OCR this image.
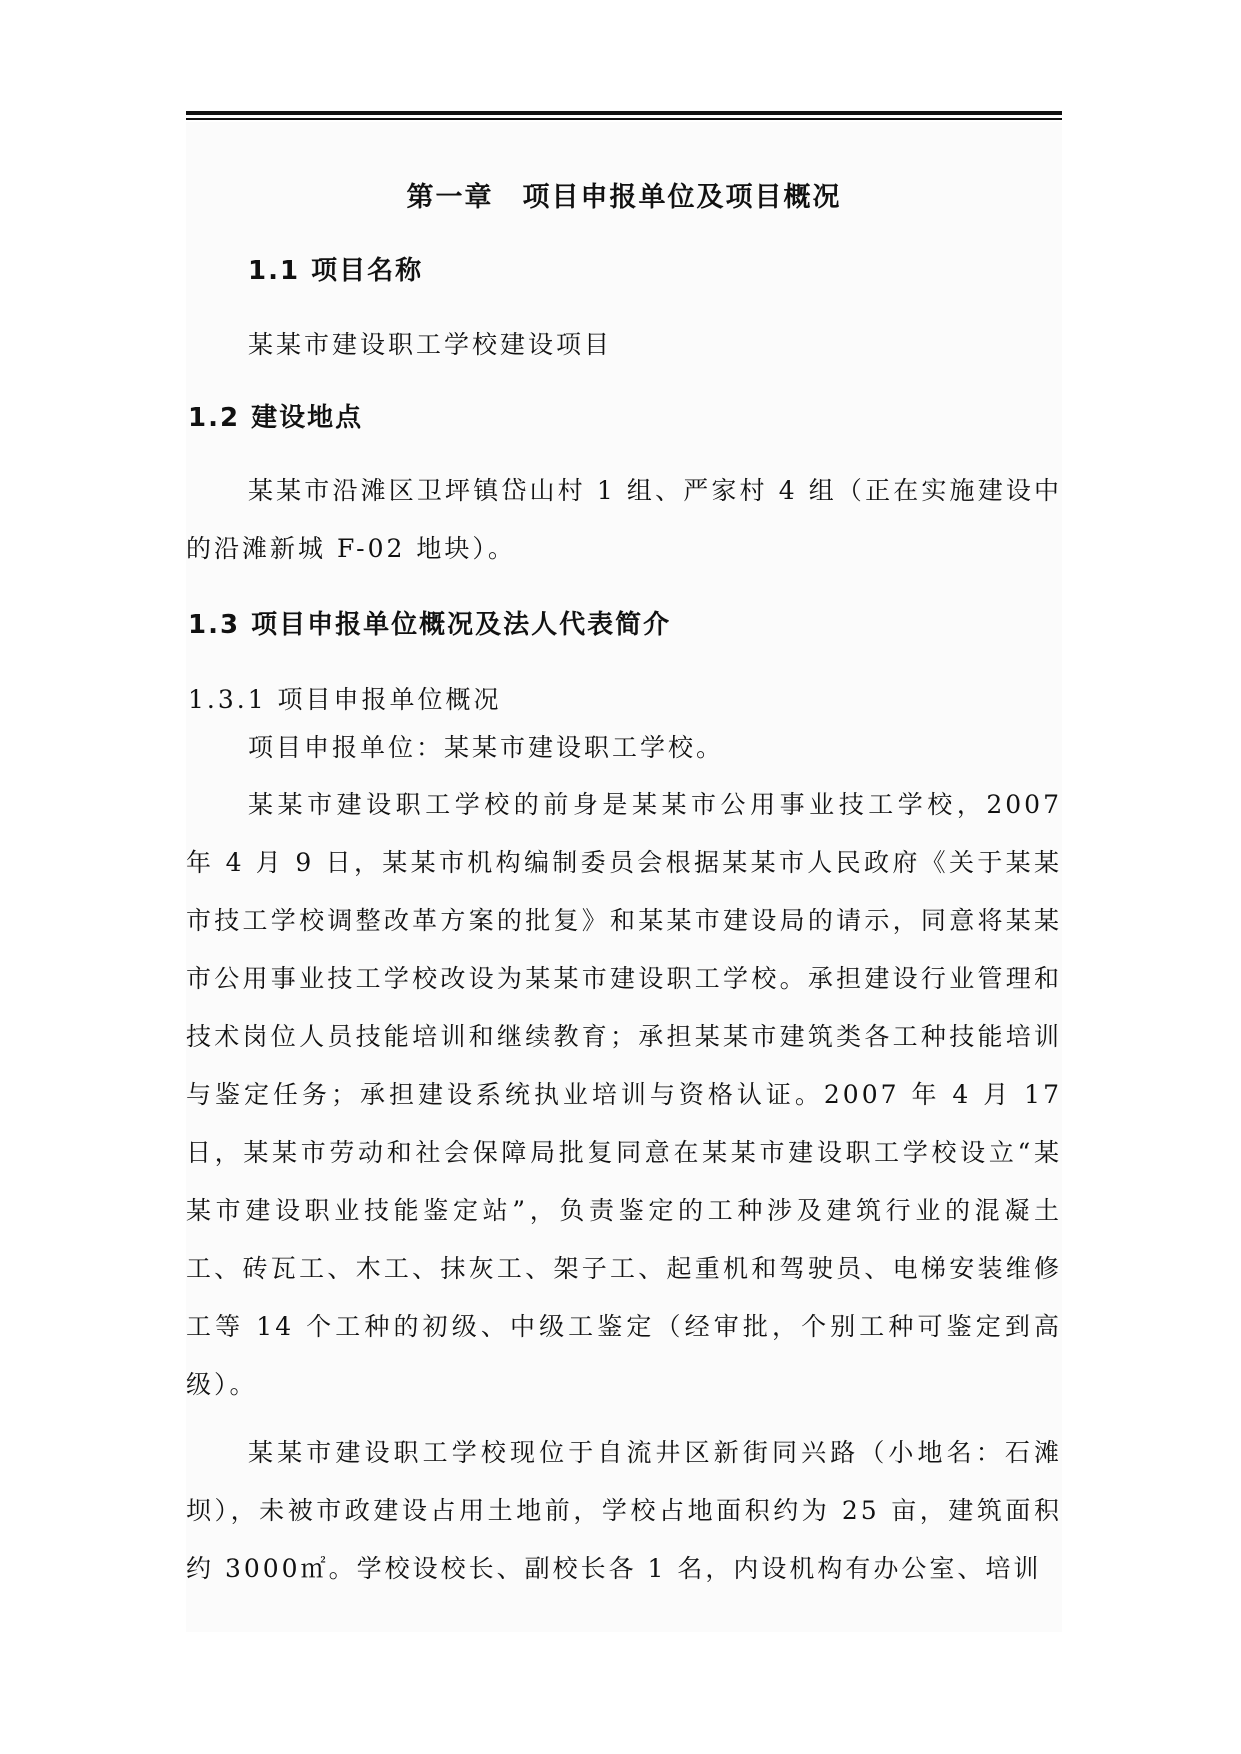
第一章　项目申报单位及项目概况
1.1 项目名称

某某市建设职工学校建设项目

1.2 建设地点

某某市沿滩区卫坪镇岱山村 1 组、严家村 4 组（正在实施建设中的沿滩新城 F-02 地块）。

1.3 项目申报单位概况及法人代表简介
1.3.1 项目申报单位概况

项目申报单位：某某市建设职工学校。

某某市建设职工学校的前身是某某市公用事业技工学校，2007 年 4 月 9 日，某某市机构编制委员会根据某某市人民政府《关于某某市技工学校调整改革方案的批复》和某某市建设局的请示，同意将某某市公用事业技工学校改设为某某市建设职工学校。承担建设行业管理和技术岗位人员技能培训和继续教育；承担某某市建筑类各工种技能培训与鉴定任务；承担建设系统执业培训与资格认证。2007 年 4 月 17 日，某某市劳动和社会保障局批复同意在某某市建设职工学校设立“某某市建设职业技能鉴定站”，负责鉴定的工种涉及建筑行业的混凝土工、砖瓦工、木工、抹灰工、架子工、起重机和驾驶员、电梯安装维修工等 14 个工种的初级、中级工鉴定（经审批，个别工种可鉴定到高级）。

某某市建设职工学校现位于自流井区新街同兴路（小地名：石滩坝），未被市政建设占用土地前，学校占地面积约为 25 亩，建筑面积约 3000㎡。学校设校长、副校长各 1 名，内设机构有办公室、培训
